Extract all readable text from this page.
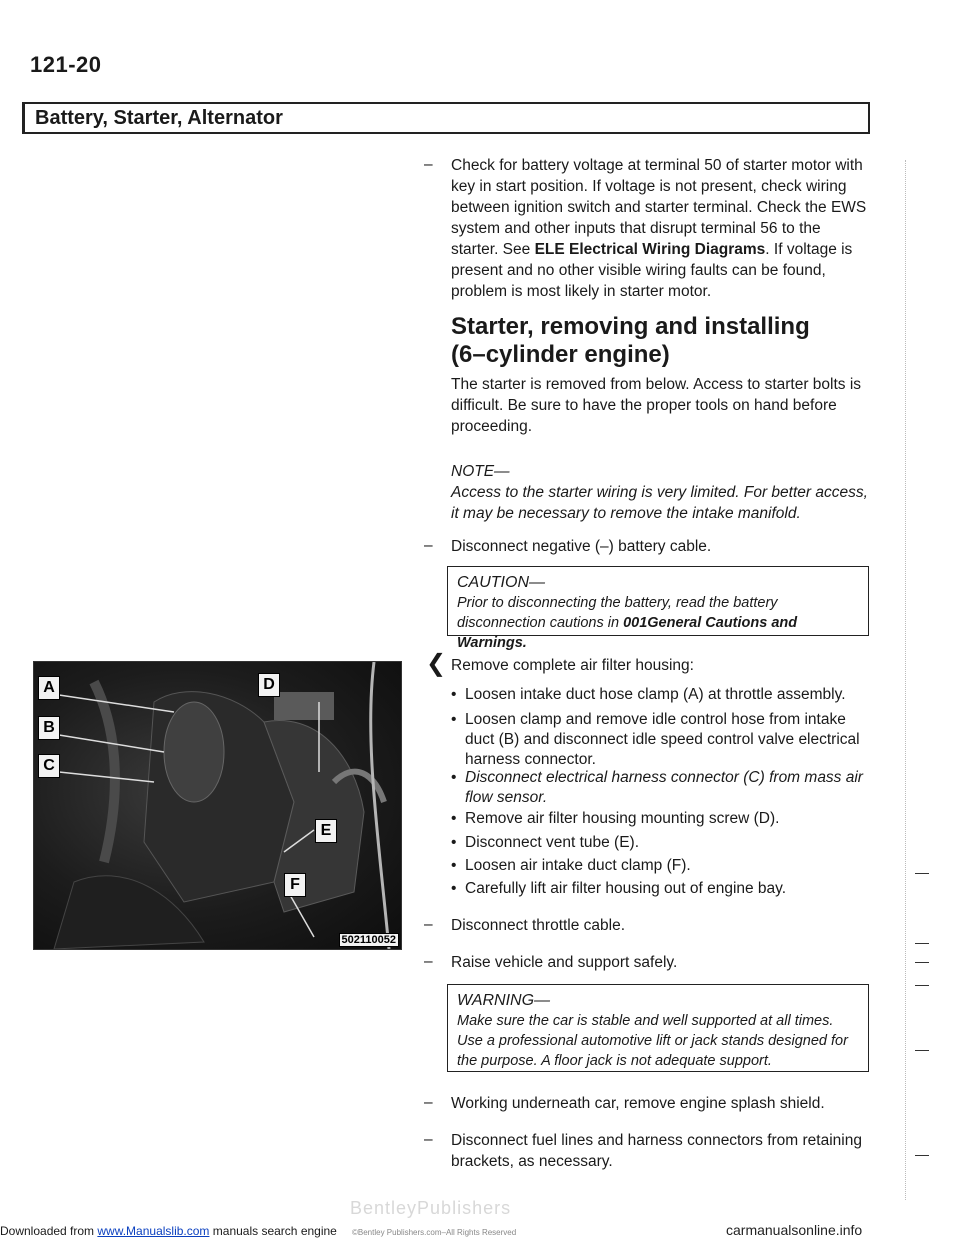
121-20
Battery, Starter, Alternator
– Check for battery voltage at terminal 50 of starter motor with key in start position. If voltage is not present, check wiring between ignition switch and starter terminal. Check the EWS system and other inputs that disrupt terminal 56 to the starter. See ELE Electrical Wiring Diagrams. If voltage is present and no other visible wiring faults can be found, problem is most likely in starter motor.
Starter, removing and installing
(6–cylinder engine)
The starter is removed from below. Access to starter bolts is difficult. Be sure to have the proper tools on hand before proceeding.
NOTE—
Access to the starter wiring is very limited. For better access, it may be necessary to remove the intake manifold.
– Disconnect negative (–) battery cable.
CAUTION—
Prior to disconnecting the battery, read the battery disconnection cautions in 001General Cautions and Warnings.
A
B
C
D
E
F
502110052
❮ Remove complete air filter housing:
• Loosen intake duct hose clamp (A) at throttle assembly.
• Loosen clamp and remove idle control hose from intake duct (B) and disconnect idle speed control valve electrical harness connector.
• Disconnect electrical harness connector (C) from mass air flow sensor.
• Remove air filter housing mounting screw (D).
• Disconnect vent tube (E).
• Loosen air intake duct clamp (F).
• Carefully lift air filter housing out of engine bay.
– Disconnect throttle cable.
– Raise vehicle and support safely.
WARNING—
Make sure the car is stable and well supported at all times. Use a professional automotive lift or jack stands designed for the purpose. A floor jack is not adequate support.
– Working underneath car, remove engine splash shield.
– Disconnect fuel lines and harness connectors from retaining brackets, as necessary.
BentleyPublishers
Downloaded from www.Manualslib.com manuals search engine ©Bentley Publishers.com–All Rights Reserved	carmanualsonline.info
